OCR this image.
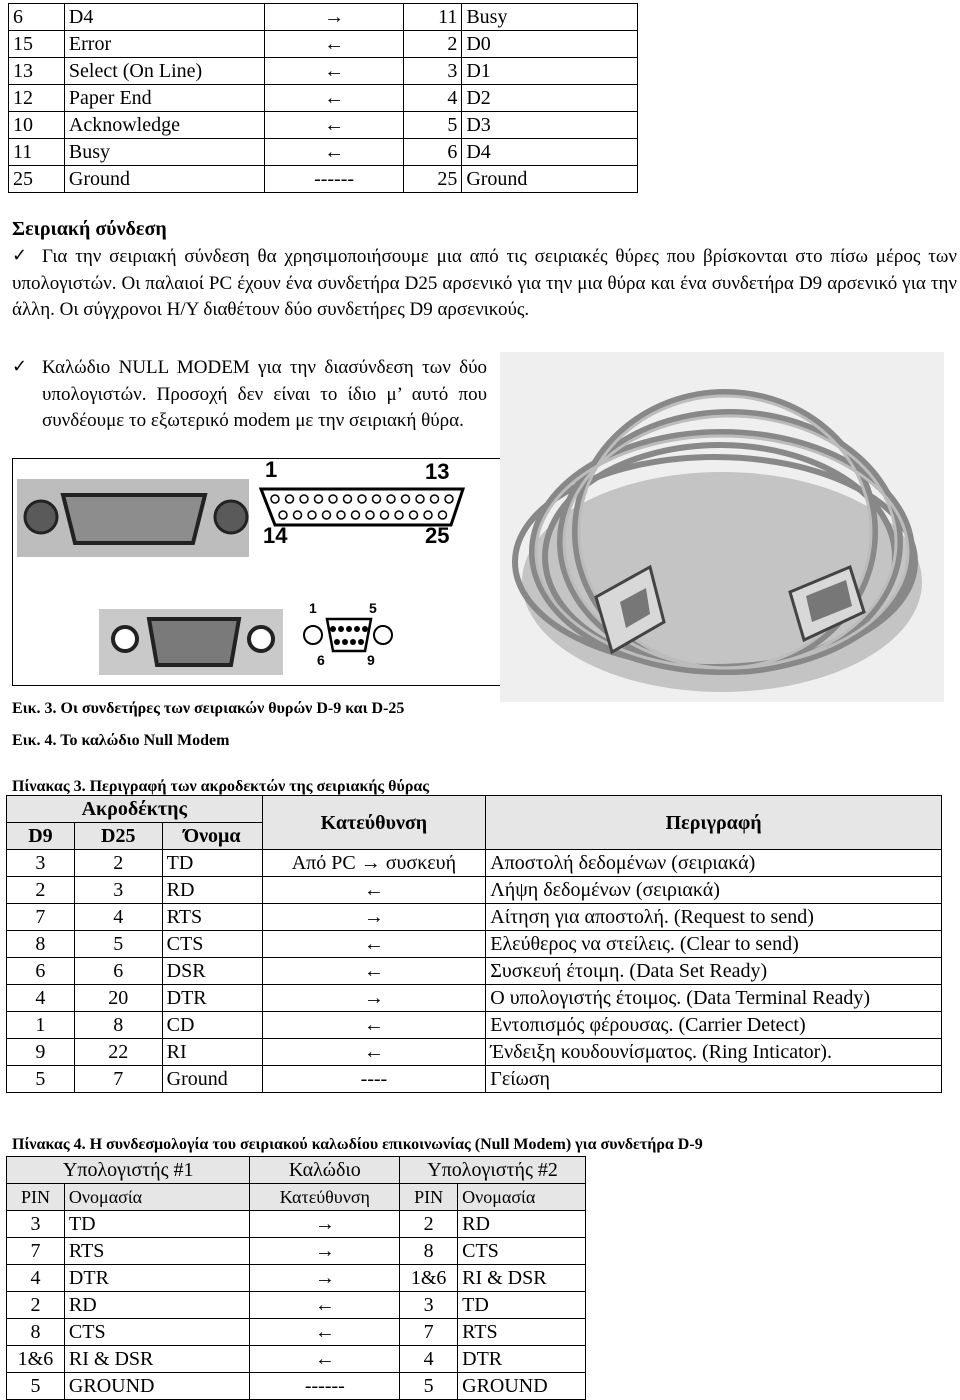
6	D4	→	11	Busy
15	Error	←	2	D0
13	Select (On Line)	←	3	D1
12	Paper End	←	4	D2
10	Acknowledge	←	5	D3
11	Busy	←	6	D4
25	Ground	------	25	Ground
Σειριακή σύνδεση
✓ Για την σειριακή σύνδεση θα χρησιμοποιήσουμε μια από τις σειριακές θύρες που βρίσκονται στο πίσω μέρος των υπολογιστών. Οι παλαιοί PC έχουν ένα συνδετήρα D25 αρσενικό για την μια θύρα και ένα συνδετήρα D9 αρσενικό για την άλλη. Οι σύγχρονοι Η/Υ διαθέτουν δύο συνδετήρες D9 αρσενικούς.

✓ Καλώδιο NULL MODEM για την διασύνδεση των δύο υπολογιστών. Προσοχή δεν είναι το ίδιο μ’ αυτό που συνδέουμε το εξωτερικό modem με την σειριακή θύρα.

1	13
14	25
1	5
6	9
Εικ. 3. Οι συνδετήρες των σειριακών θυρών D-9 και D-25
Εικ. 4. Το καλώδιο Null Modem
Πίνακας 3. Περιγραφή των ακροδεκτών της σειριακής θύρας
Ακροδέκτης			Κατεύθυνση	Περιγραφή
D9	D25	Όνομα		
3	2	TD	Από PC → συσκευή	Αποστολή δεδομένων (σειριακά)
2	3	RD	←	Λήψη δεδομένων (σειριακά)
7	4	RTS	→	Αίτηση για αποστολή. (Request to send)
8	5	CTS	←	Ελεύθερος να στείλεις. (Clear to send)
6	6	DSR	←	Συσκευή έτοιμη. (Data Set Ready)
4	20	DTR	→	Ο υπολογιστής έτοιμος. (Data Terminal Ready)
1	8	CD	←	Εντοπισμός φέρουσας. (Carrier Detect)
9	22	RI	←	Ένδειξη κουδουνίσματος. (Ring Inticator).
5	7	Ground	----	Γείωση
Πίνακας 4. Η συνδεσμολογία του σειριακού καλωδίου επικοινωνίας (Null Modem) για συνδετήρα D-9
Υπολογιστής #1		Καλώδιο	Υπολογιστής #2	
PIN	Ονομασία	Κατεύθυνση	PIN	Ονομασία
3	TD	→	2	RD
7	RTS	→	8	CTS
4	DTR	→	1&6	RI & DSR
2	RD	←	3	TD
8	CTS	←	7	RTS
1&6	RI & DSR	←	4	DTR
5	GROUND	------	5	GROUND
